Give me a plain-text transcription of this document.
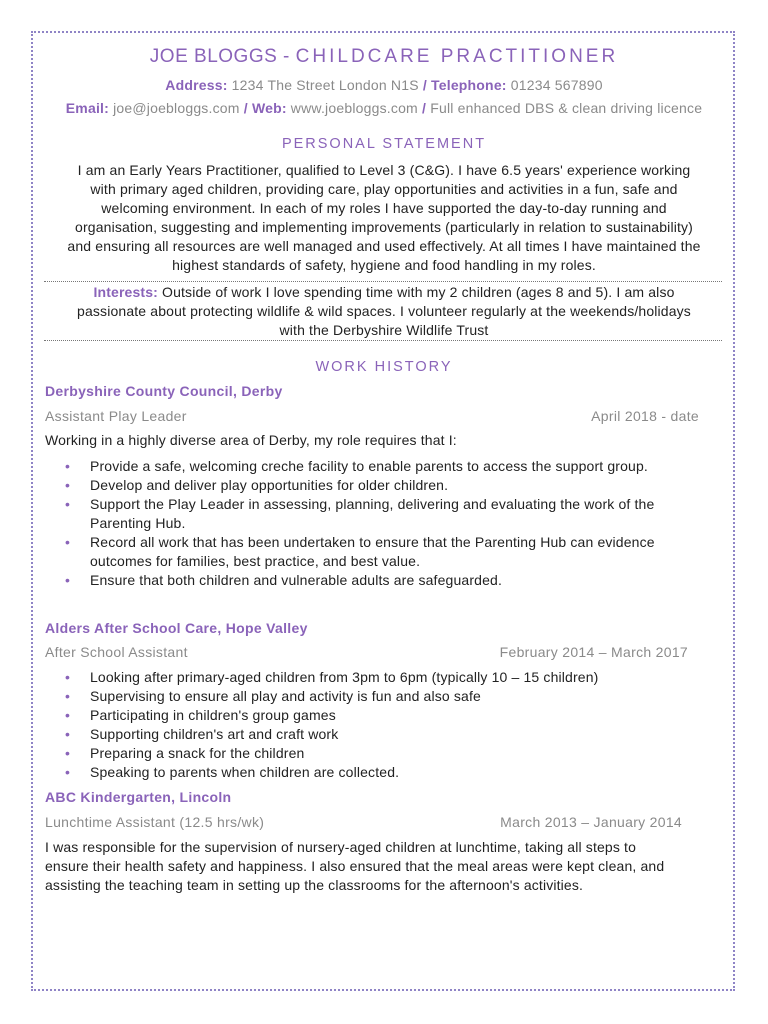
JOE BLOGGS - CHILDCARE PRACTITIONER
Address: 1234 The Street London N1S / Telephone: 01234 567890
Email: joe@joebloggs.com / Web: www.joebloggs.com / Full enhanced DBS & clean driving licence
PERSONAL STATEMENT
I am an Early Years Practitioner, qualified to Level 3 (C&G). I have 6.5 years' experience working
with primary aged children, providing care, play opportunities and activities in a fun, safe and
welcoming environment. In each of my roles I have supported the day-to-day running and
organisation, suggesting and implementing improvements (particularly in relation to sustainability)
and ensuring all resources are well managed and used effectively. At all times I have maintained the
highest standards of safety, hygiene and food handling in my roles.
Interests: Outside of work I love spending time with my 2 children (ages 8 and 5). I am also
passionate about protecting wildlife & wild spaces. I volunteer regularly at the weekends/holidays
with the Derbyshire Wildlife Trust
WORK HISTORY
Derbyshire County Council, Derby
Assistant Play Leader	April 2018 - date
Working in a highly diverse area of Derby, my role requires that I:
• Provide a safe, welcoming creche facility to enable parents to access the support group.
• Develop and deliver play opportunities for older children.
• Support the Play Leader in assessing, planning, delivering and evaluating the work of the
Parenting Hub.
• Record all work that has been undertaken to ensure that the Parenting Hub can evidence
outcomes for families, best practice, and best value.
• Ensure that both children and vulnerable adults are safeguarded.
Alders After School Care, Hope Valley
After School Assistant	February 2014 – March 2017
• Looking after primary-aged children from 3pm to 6pm (typically 10 – 15 children)
• Supervising to ensure all play and activity is fun and also safe
• Participating in children's group games
• Supporting children's art and craft work
• Preparing a snack for the children
• Speaking to parents when children are collected.
ABC Kindergarten, Lincoln
Lunchtime Assistant (12.5 hrs/wk)	March 2013 – January 2014
I was responsible for the supervision of nursery-aged children at lunchtime, taking all steps to
ensure their health safety and happiness. I also ensured that the meal areas were kept clean, and
assisting the teaching team in setting up the classrooms for the afternoon's activities.
